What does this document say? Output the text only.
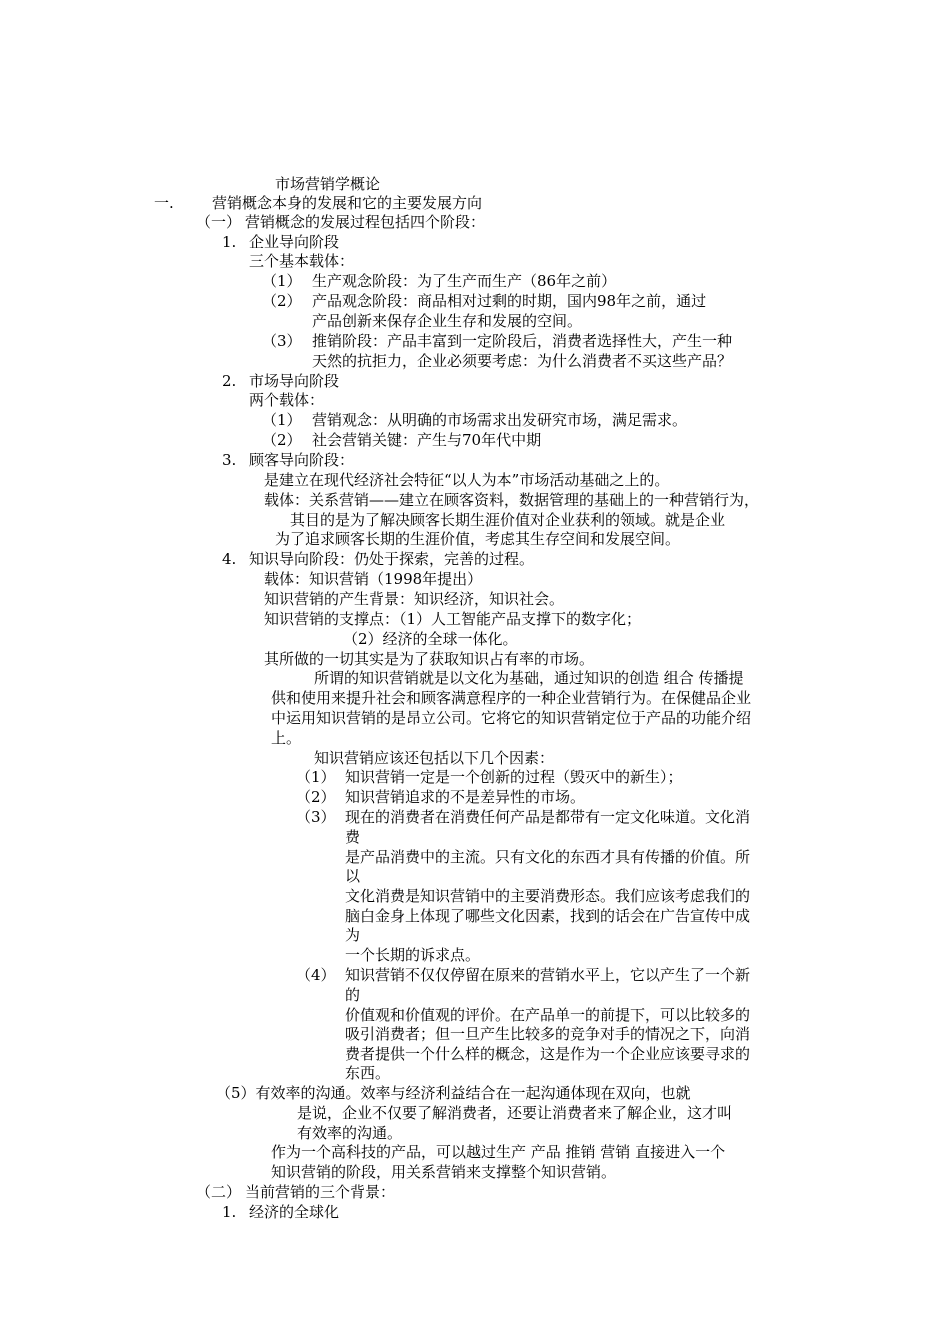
市场营销学概论
一.	营销概念本身的发展和它的主要发展方向
（一） 营销概念的发展过程包括四个阶段：
1. 企业导向阶段
三个基本载体：
（1） 生产观念阶段：为了生产而生产（86年之前）
（2） 产品观念阶段：商品相对过剩的时期，国内98年之前，通过
产品创新来保存企业生存和发展的空间。
（3） 推销阶段：产品丰富到一定阶段后，消费者选择性大，产生一种
天然的抗拒力，企业必须要考虑：为什么消费者不买这些产品？
2. 市场导向阶段
两个载体：
（1） 营销观念：从明确的市场需求出发研究市场，满足需求。
（2） 社会营销关键：产生与70年代中期
3. 顾客导向阶段：
是建立在现代经济社会特征“以人为本”市场活动基础之上的。
载体：关系营销——建立在顾客资料，数据管理的基础上的一种营销行为，
其目的是为了解决顾客长期生涯价值对企业获利的领域。就是企业
为了追求顾客长期的生涯价值，考虑其生存空间和发展空间。
4. 知识导向阶段：仍处于探索，完善的过程。
载体：知识营销（1998年提出）
知识营销的产生背景：知识经济，知识社会。
知识营销的支撑点：（1）人工智能产品支撑下的数字化；
（2）经济的全球一体化。
其所做的一切其实是为了获取知识占有率的市场。
所谓的知识营销就是以文化为基础，通过知识的创造 组合 传播提
供和使用来提升社会和顾客满意程序的一种企业营销行为。在保健品企业
中运用知识营销的是昂立公司。它将它的知识营销定位于产品的功能介绍
上。
知识营销应该还包括以下几个因素：
（1） 知识营销一定是一个创新的过程（毁灭中的新生）；
（2） 知识营销追求的不是差异性的市场。
（3） 现在的消费者在消费任何产品是都带有一定文化味道。文化消
费
是产品消费中的主流。只有文化的东西才具有传播的价值。所
以
文化消费是知识营销中的主要消费形态。我们应该考虑我们的
脑白金身上体现了哪些文化因素，找到的话会在广告宣传中成
为
一个长期的诉求点。
（4） 知识营销不仅仅停留在原来的营销水平上，它以产生了一个新
的
价值观和价值观的评价。在产品单一的前提下，可以比较多的
吸引消费者；但一旦产生比较多的竞争对手的情况之下，向消
费者提供一个什么样的概念，这是作为一个企业应该要寻求的
东西。
（5）有效率的沟通。效率与经济利益结合在一起沟通体现在双向，也就
是说，企业不仅要了解消费者，还要让消费者来了解企业，这才叫
有效率的沟通。
作为一个高科技的产品，可以越过生产 产品 推销 营销 直接进入一个
知识营销的阶段，用关系营销来支撑整个知识营销。
（二） 当前营销的三个背景：
1. 经济的全球化
